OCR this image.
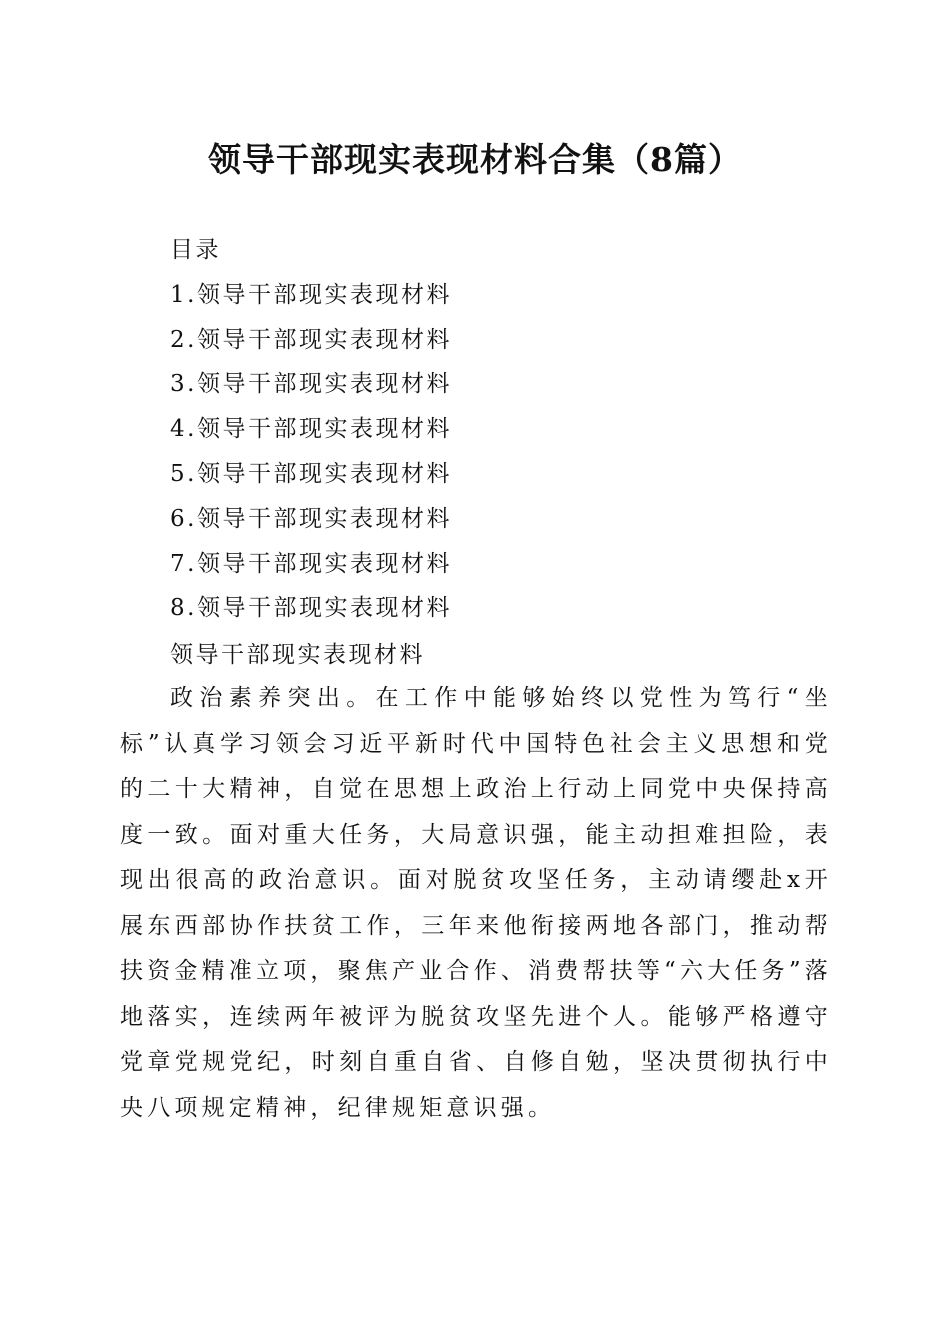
领导干部现实表现材料合集（8篇）
目录
1.领导干部现实表现材料
2.领导干部现实表现材料
3.领导干部现实表现材料
4.领导干部现实表现材料
5.领导干部现实表现材料
6.领导干部现实表现材料
7.领导干部现实表现材料
8.领导干部现实表现材料
领导干部现实表现材料

政治素养突出。在工作中能够始终以党性为笃行“坐标”认真学习领会习近平新时代中国特色社会主义思想和党的二十大精神，自觉在思想上政治上行动上同党中央保持高度一致。面对重大任务，大局意识强，能主动担难担险，表现出很高的政治意识。面对脱贫攻坚任务，主动请缨赴x开展东西部协作扶贫工作，三年来他衔接两地各部门，推动帮扶资金精准立项，聚焦产业合作、消费帮扶等“六大任务”落地落实，连续两年被评为脱贫攻坚先进个人。能够严格遵守党章党规党纪，时刻自重自省、自修自勉，坚决贯彻执行中央八项规定精神，纪律规矩意识强。
